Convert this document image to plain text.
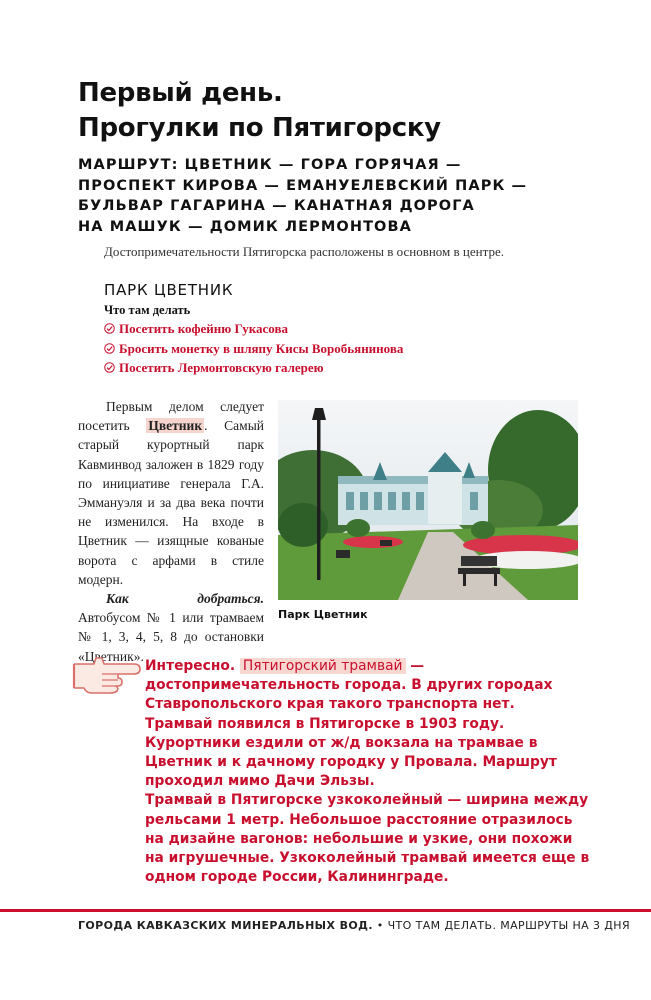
Первый день.
Прогулки по Пятигорску
МАРШРУТ: ЦВЕТНИК — ГОРА ГОРЯЧАЯ —
ПРОСПЕКТ КИРОВА — ЕМАНУЕЛЕВСКИЙ ПАРК —
БУЛЬВАР ГАГАРИНА — КАНАТНАЯ ДОРОГА
НА МАШУК — ДОМИК ЛЕРМОНТОВА
Достопримечательности Пятигорска расположены в основном в центре.
ПАРК ЦВЕТНИК
Что там делать
Посетить кофейню Гукасова
Бросить монетку в шляпу Кисы Воробьянинова
Посетить Лермонтовскую галерею

Первым делом следует посетить Цветник . Самый старый курортный парк Кавминвод заложен в 1829 году по инициативе генерала Г.А. Эммануэля и за два века почти не изменился. На входе в Цветник — изящные кованые ворота с арфами в стиле модерн.

Как добраться. Автобусом № 1 или трамваем № 1, 3, 4, 5, 8 до остановки «Цветник».

Парк Цветник

Интересно. Пятигорский трамвай — достопримечательность города. В других городах Ставропольского края такого транспорта нет.

Трамвай появился в Пятигорске в 1903 году. Курортники ездили от ж/д вокзала на трамвае в Цветник и к дачному городку у Провала. Маршрут проходил мимо Дачи Эльзы.

Трамвай в Пятигорске узкоколейный — ширина между рельсами 1 метр. Небольшое расстояние отразилось на дизайне вагонов: небольшие и узкие, они похожи на игрушечные. Узкоколейный трамвай имеется еще в одном городе России, Калининграде.

ГОРОДА КАВКАЗСКИХ МИНЕРАЛЬНЫХ ВОД. • ЧТО ТАМ ДЕЛАТЬ. МАРШРУТЫ НА 3 ДНЯ
